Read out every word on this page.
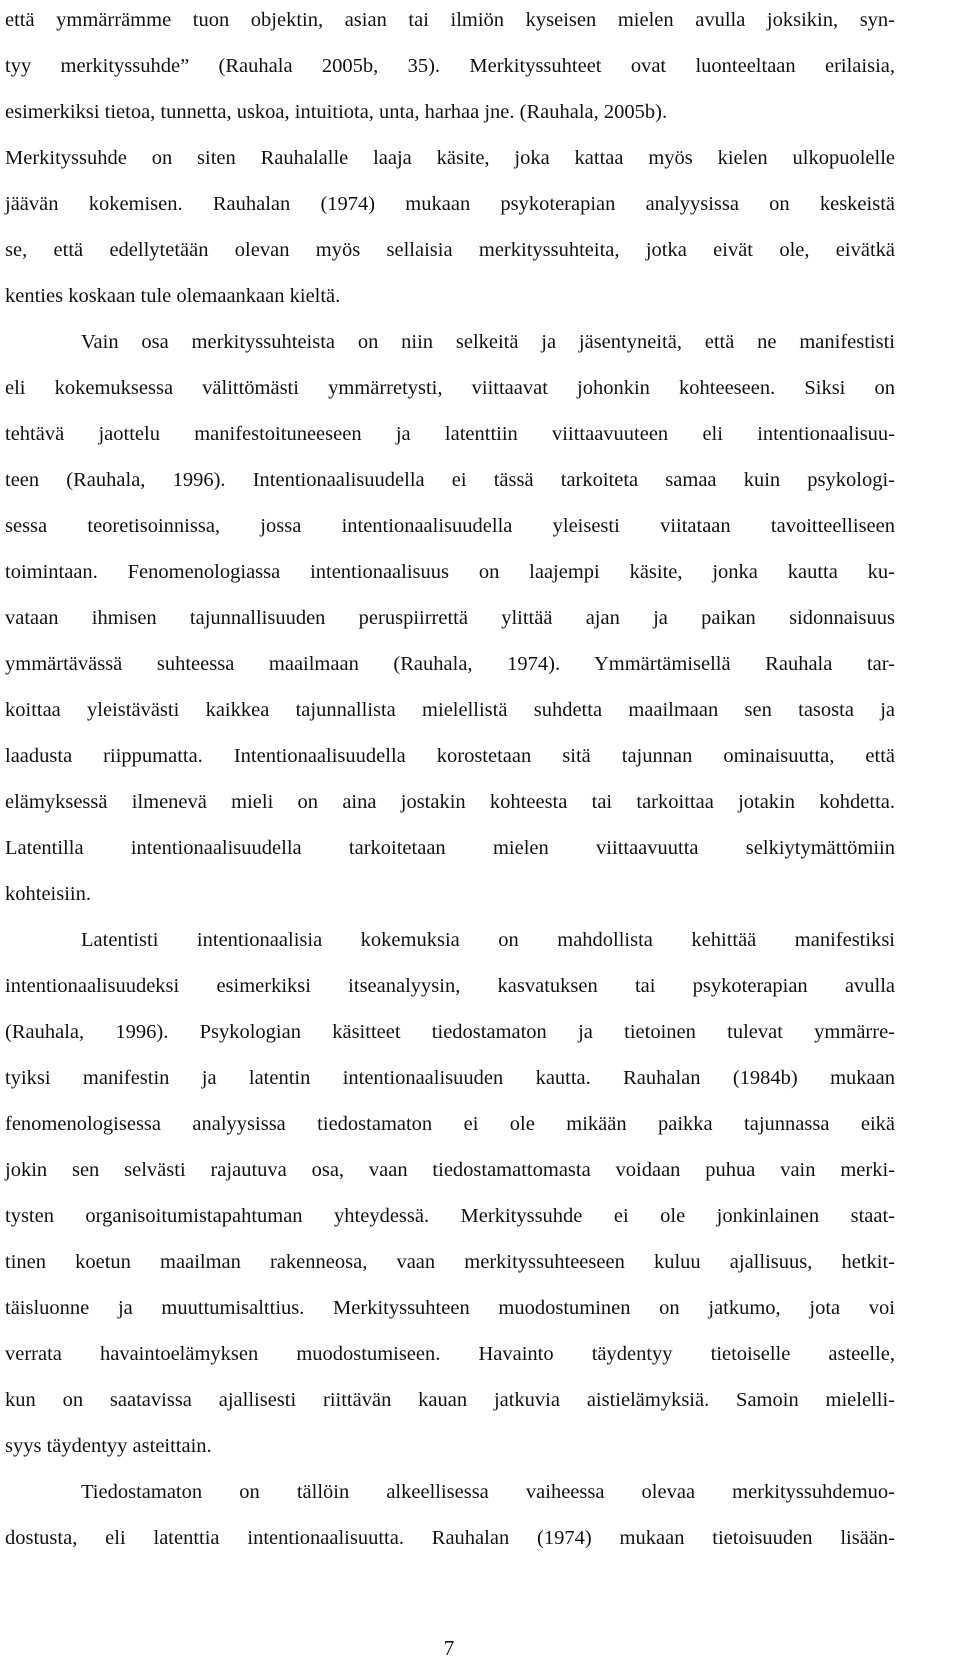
että ymmärrämme tuon objektin, asian tai ilmiön kyseisen mielen avulla joksikin, syn-
tyy merkityssuhde” (Rauhala 2005b, 35). Merkityssuhteet ovat luonteeltaan erilaisia,
esimerkiksi tietoa, tunnetta, uskoa, intuitiota, unta, harhaa jne. (Rauhala, 2005b).
Merkityssuhde on siten Rauhalalle laaja käsite, joka kattaa myös kielen ulkopuolelle
jäävän kokemisen. Rauhalan (1974) mukaan psykoterapian analyysissa on keskeistä
se, että edellytetään olevan myös sellaisia merkityssuhteita, jotka eivät ole, eivätkä
kenties koskaan tule olemaankaan kieltä.
Vain osa merkityssuhteista on niin selkeitä ja jäsentyneitä, että ne manifestisti
eli kokemuksessa välittömästi ymmärretysti, viittaavat johonkin kohteeseen. Siksi on
tehtävä jaottelu manifestoituneeseen ja latenttiin viittaavuuteen eli intentionaalisuu-
teen (Rauhala, 1996). Intentionaalisuudella ei tässä tarkoiteta samaa kuin psykologi-
sessa teoretisoinnissa, jossa intentionaalisuudella yleisesti viitataan tavoitteelliseen
toimintaan. Fenomenologiassa intentionaalisuus on laajempi käsite, jonka kautta ku-
vataan ihmisen tajunnallisuuden peruspiirrettä ylittää ajan ja paikan sidonnaisuus
ymmärtävässä suhteessa maailmaan (Rauhala, 1974). Ymmärtämisellä Rauhala tar-
koittaa yleistävästi kaikkea tajunnallista mielellistä suhdetta maailmaan sen tasosta ja
laadusta riippumatta. Intentionaalisuudella korostetaan sitä tajunnan ominaisuutta, että
elämyksessä ilmenevä mieli on aina jostakin kohteesta tai tarkoittaa jotakin kohdetta.
Latentilla intentionaalisuudella tarkoitetaan mielen viittaavuutta selkiytymättömiin
kohteisiin.
Latentisti intentionaalisia kokemuksia on mahdollista kehittää manifestiksi
intentionaalisuudeksi esimerkiksi itseanalyysin, kasvatuksen tai psykoterapian avulla
(Rauhala, 1996). Psykologian käsitteet tiedostamaton ja tietoinen tulevat ymmärre-
tyiksi manifestin ja latentin intentionaalisuuden kautta. Rauhalan (1984b) mukaan
fenomenologisessa analyysissa tiedostamaton ei ole mikään paikka tajunnassa eikä
jokin sen selvästi rajautuva osa, vaan tiedostamattomasta voidaan puhua vain merki-
tysten organisoitumistapahtuman yhteydessä. Merkityssuhde ei ole jonkinlainen staat-
tinen koetun maailman rakenneosa, vaan merkityssuhteeseen kuluu ajallisuus, hetkit-
täisluonne ja muuttumisalttius. Merkityssuhteen muodostuminen on jatkumo, jota voi
verrata havaintoelämyksen muodostumiseen. Havainto täydentyy tietoiselle asteelle,
kun on saatavissa ajallisesti riittävän kauan jatkuvia aistielämyksiä. Samoin mielelli-
syys täydentyy asteittain.
Tiedostamaton on tällöin alkeellisessa vaiheessa olevaa merkityssuhdemuo-
dostusta, eli latenttia intentionaalisuutta. Rauhalan (1974) mukaan tietoisuuden lisään-
7
